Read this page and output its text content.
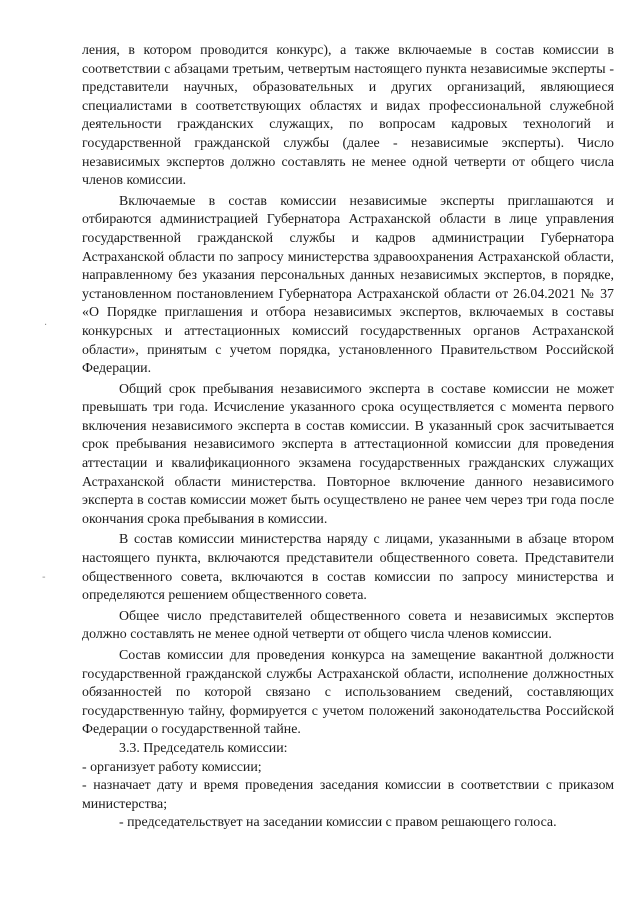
·
-

ления, в котором проводится конкурс), а также включаемые в состав комиссии в соответствии с абзацами третьим, четвертым настоящего пункта независимые эксперты - представители научных, образовательных и других организаций, являющиеся специалистами в соответствующих областях и видах профессиональной служебной деятельности гражданских служащих, по вопросам кадровых технологий и государственной гражданской службы (далее - независимые эксперты). Число независимых экспертов должно составлять не менее одной четверти от общего числа членов комиссии.

Включаемые в состав комиссии независимые эксперты приглашаются и отбираются администрацией Губернатора Астраханской области в лице управления государственной гражданской службы и кадров администрации Губернатора Астраханской области по запросу министерства здравоохранения Астраханской области, направленному без указания персональных данных независимых экспертов, в порядке, установленном постановлением Губернатора Астраханской области от 26.04.2021 № 37 «О Порядке приглашения и отбора независимых экспертов, включаемых в составы конкурсных и аттестационных комиссий государственных органов Астраханской области», принятым с учетом порядка, установленного Правительством Российской Федерации.

Общий срок пребывания независимого эксперта в составе комиссии не может превышать три года. Исчисление указанного срока осуществляется с момента первого включения независимого эксперта в состав комиссии. В указанный срок засчитывается срок пребывания независимого эксперта в аттестационной комиссии для проведения аттестации и квалификационного экзамена государственных гражданских служащих Астраханской области министерства. Повторное включение данного независимого эксперта в состав комиссии может быть осуществлено не ранее чем через три года после окончания срока пребывания в комиссии.

В состав комиссии министерства наряду с лицами, указанными в абзаце втором настоящего пункта, включаются представители общественного совета. Представители общественного совета, включаются в состав комиссии по запросу министерства и определяются решением общественного совета.

Общее число представителей общественного совета и независимых экспертов должно составлять не менее одной четверти от общего числа членов комиссии.

Состав комиссии для проведения конкурса на замещение вакантной должности государственной гражданской службы Астраханской области, исполнение должностных обязанностей по которой связано с использованием сведений, составляющих государственную тайну, формируется с учетом положений законодательства Российской Федерации о государственной тайне.

3.3. Председатель комиссии:

- организует работу комиссии;

- назначает дату и время проведения заседания комиссии в соответствии с приказом министерства;

- председательствует на заседании комиссии с правом решающего голоса.
